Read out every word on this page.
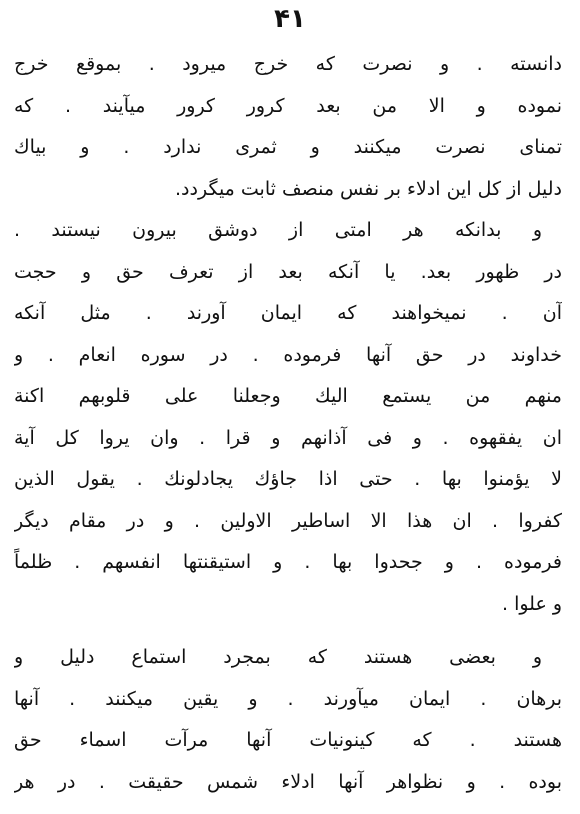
۴۱
دانسته . و نصرت که خرج میرود . بموقع خرج
نموده و الا من بعد کرور کرور میآیند . که
تمنای نصرت میکنند و ثمری ندارد . و بیاك
دلیل از کل این ادلاء بر نفس منصف ثابت میگردد.
و بدانکه هر امتی از دوشق بیرون نیستند .
در ظهور بعد. یا آنکه بعد از تعرف حق و حجت
آن . نمیخواهند که ایمان آورند . مثل آنکه
خداوند در حق آنها فرموده . در سوره انعام . و
منهم من یستمع الیك وجعلنا علی قلوبهم اکنة
ان یفقهوه . و فی آذانهم و قرا . وان یروا کل آیة
لا یؤمنوا بها . حتی اذا جاؤك یجادلونك . یقول الذین
کفروا . ان هذا الا اساطیر الاولین . و در مقام دیگر
فرموده . و جحدوا بها . و استیقنتها انفسهم . ظلماً
و علوا .
و بعضی هستند که بمجرد استماع دلیل و
برهان . ایمان میآورند . و یقین میکنند . آنها
هستند . که کینونیات آنها مرآت اسماء حق
بوده . و نظواهر آنها ادلاء شمس حقیقت . در هر
